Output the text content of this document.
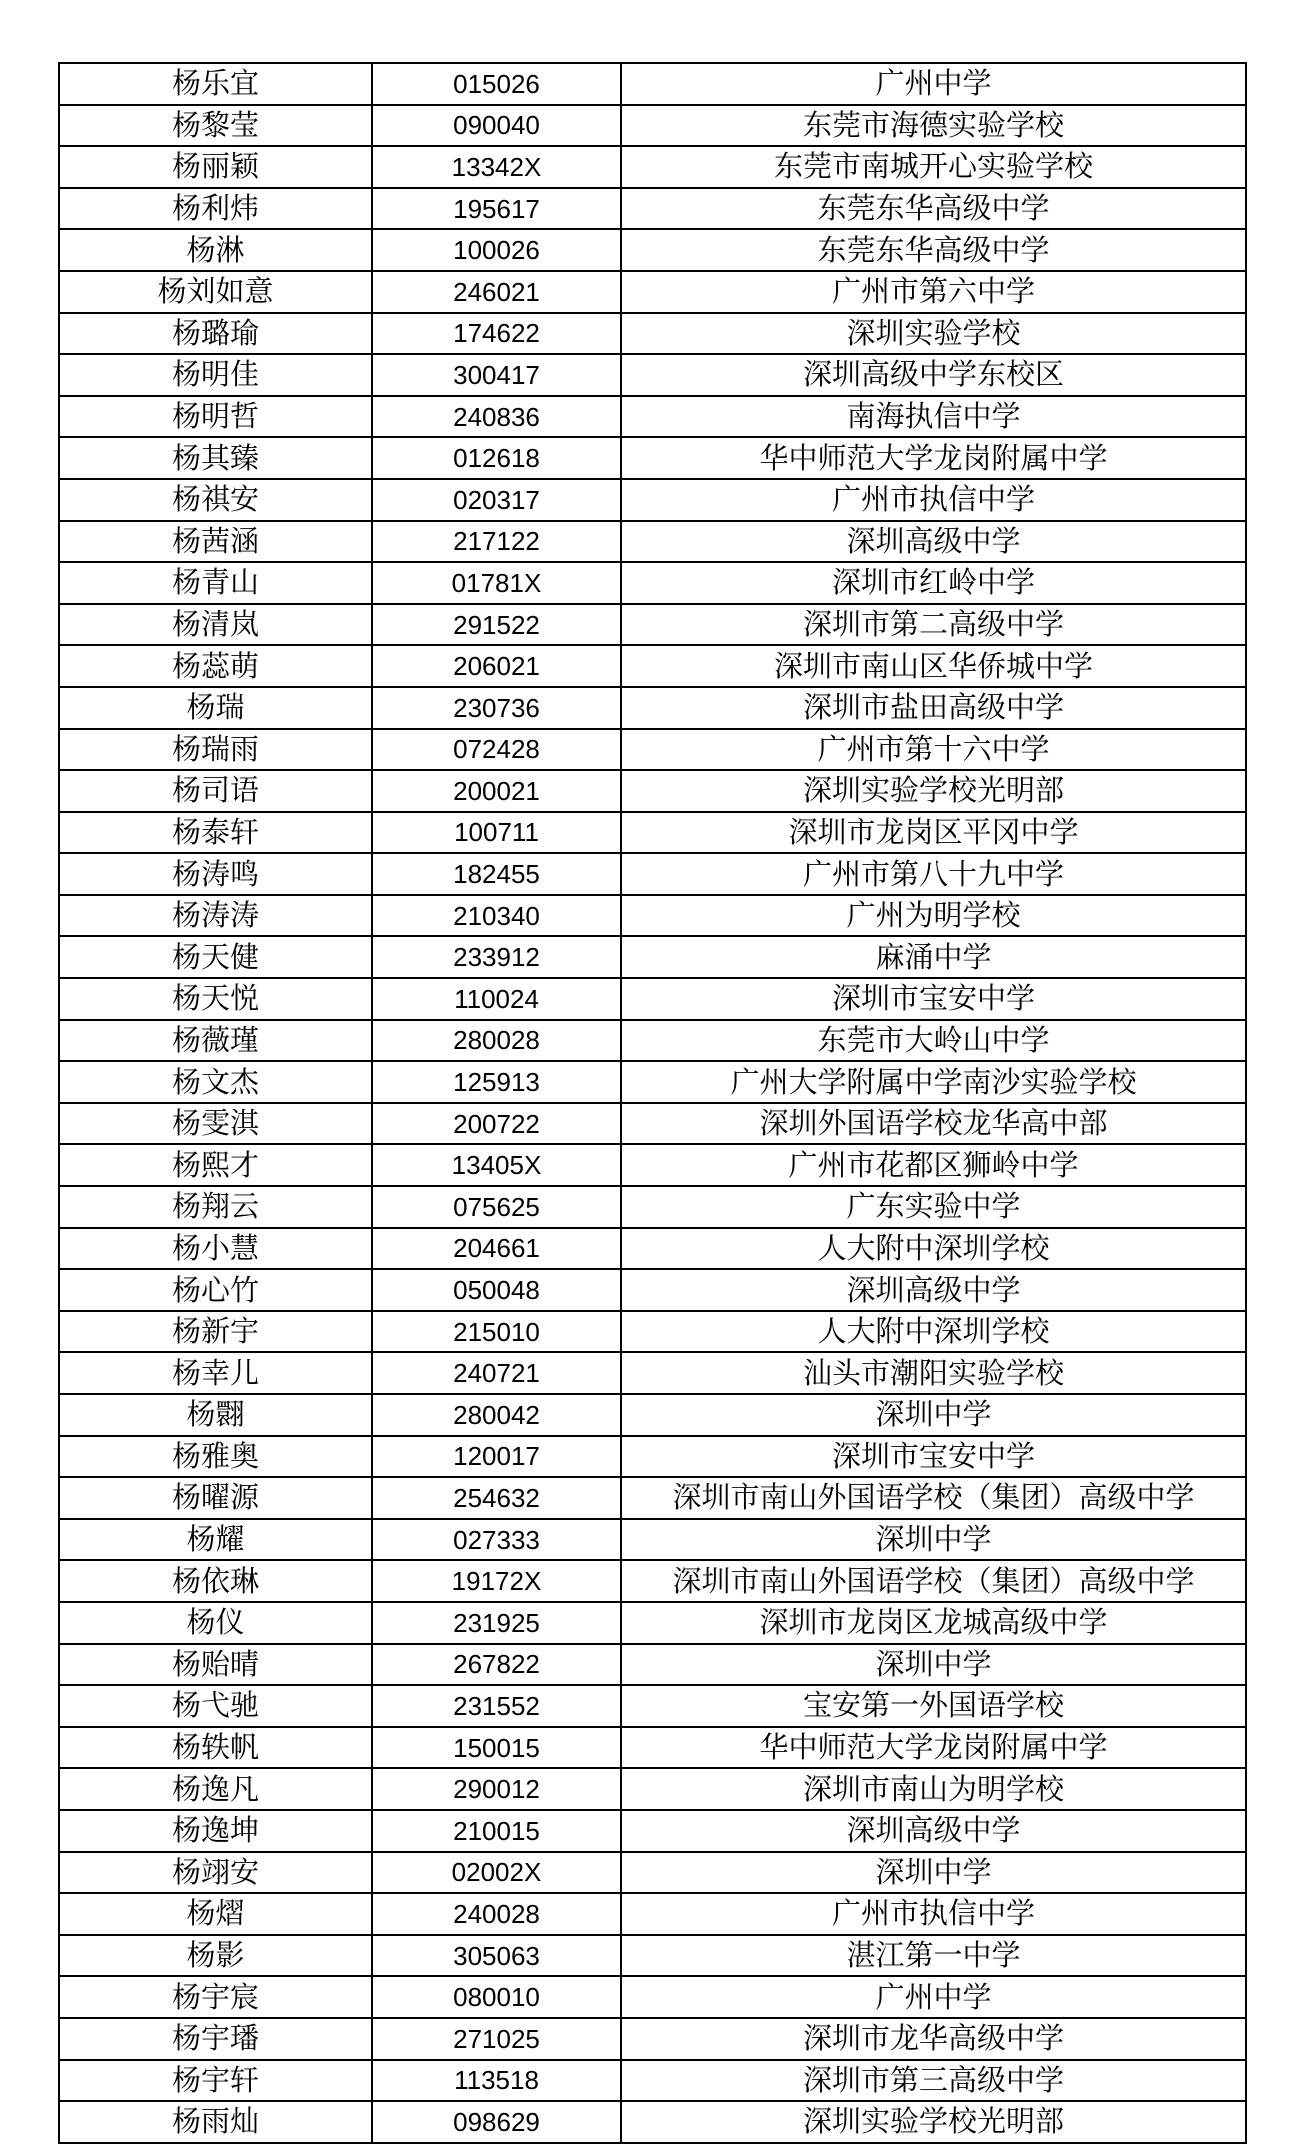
杨乐宜	015026	广州中学
杨黎莹	090040	东莞市海德实验学校
杨丽颖	13342X	东莞市南城开心实验学校
杨利炜	195617	东莞东华高级中学
杨淋	100026	东莞东华高级中学
杨刘如意	246021	广州市第六中学
杨璐瑜	174622	深圳实验学校
杨明佳	300417	深圳高级中学东校区
杨明哲	240836	南海执信中学
杨其臻	012618	华中师范大学龙岗附属中学
杨祺安	020317	广州市执信中学
杨茜涵	217122	深圳高级中学
杨青山	01781X	深圳市红岭中学
杨清岚	291522	深圳市第二高级中学
杨蕊萌	206021	深圳市南山区华侨城中学
杨瑞	230736	深圳市盐田高级中学
杨瑞雨	072428	广州市第十六中学
杨司语	200021	深圳实验学校光明部
杨泰轩	100711	深圳市龙岗区平冈中学
杨涛鸣	182455	广州市第八十九中学
杨涛涛	210340	广州为明学校
杨天健	233912	麻涌中学
杨天悦	110024	深圳市宝安中学
杨薇瑾	280028	东莞市大岭山中学
杨文杰	125913	广州大学附属中学南沙实验学校
杨雯淇	200722	深圳外国语学校龙华高中部
杨熙才	13405X	广州市花都区狮岭中学
杨翔云	075625	广东实验中学
杨小慧	204661	人大附中深圳学校
杨心竹	050048	深圳高级中学
杨新宇	215010	人大附中深圳学校
杨幸儿	240721	汕头市潮阳实验学校
杨翾	280042	深圳中学
杨雅奥	120017	深圳市宝安中学
杨曜源	254632	深圳市南山外国语学校（集团）高级中学
杨耀	027333	深圳中学
杨依琳	19172X	深圳市南山外国语学校（集团）高级中学
杨仪	231925	深圳市龙岗区龙城高级中学
杨贻晴	267822	深圳中学
杨弋驰	231552	宝安第一外国语学校
杨轶帆	150015	华中师范大学龙岗附属中学
杨逸凡	290012	深圳市南山为明学校
杨逸坤	210015	深圳高级中学
杨翊安	02002X	深圳中学
杨熠	240028	广州市执信中学
杨影	305063	湛江第一中学
杨宇宸	080010	广州中学
杨宇璠	271025	深圳市龙华高级中学
杨宇轩	113518	深圳市第三高级中学
杨雨灿	098629	深圳实验学校光明部
